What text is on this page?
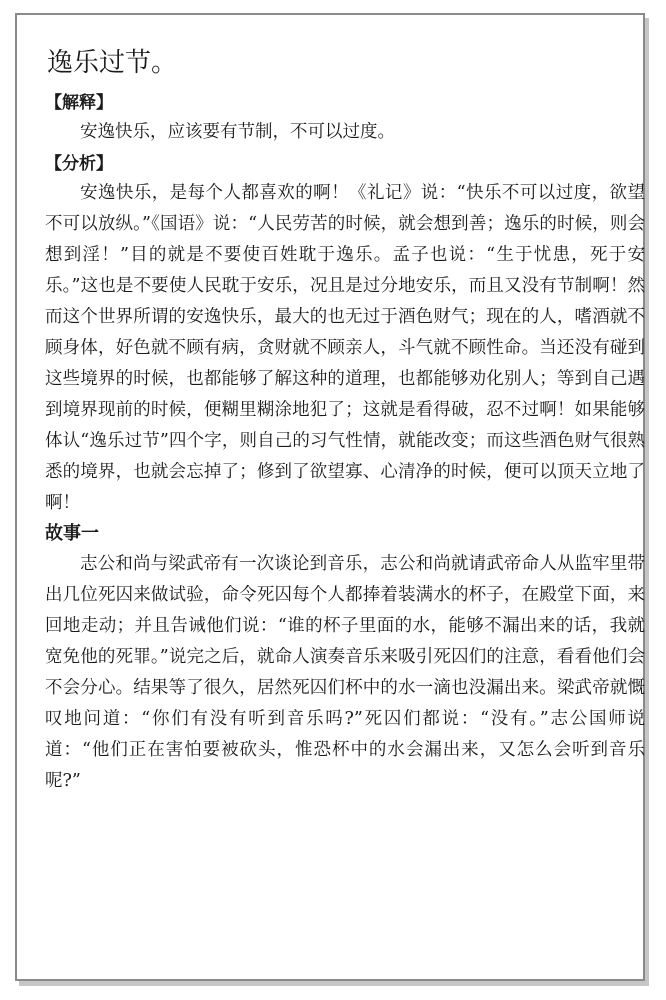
逸乐过节。

【解释】

安逸快乐，应该要有节制，不可以过度。

【分析】

安逸快乐，是每个人都喜欢的啊！《礼记》说：“快乐不可以过度，欲望不可以放纵。”《国语》说：“人民劳苦的时候，就会想到善；逸乐的时候，则会想到淫！”目的就是不要使百姓耽于逸乐。孟子也说：“生于忧患，死于安乐。”这也是不要使人民耽于安乐，况且是过分地安乐，而且又没有节制啊！然而这个世界所谓的安逸快乐，最大的也无过于酒色财气；现在的人，嗜酒就不顾身体，好色就不顾有病，贪财就不顾亲人，斗气就不顾性命。当还没有碰到这些境界的时候，也都能够了解这种的道理，也都能够劝化别人；等到自己遇到境界现前的时候，便糊里糊涂地犯了；这就是看得破，忍不过啊！如果能够体认“逸乐过节”四个字，则自己的习气性情，就能改变；而这些酒色财气很熟悉的境界，也就会忘掉了；修到了欲望寡、心清净的时候，便可以顶天立地了啊！

故事一

志公和尚与梁武帝有一次谈论到音乐，志公和尚就请武帝命人从监牢里带出几位死囚来做试验，命令死囚每个人都捧着装满水的杯子，在殿堂下面，来回地走动；并且告诫他们说：“谁的杯子里面的水，能够不漏出来的话，我就宽免他的死罪。”说完之后，就命人演奏音乐来吸引死囚们的注意，看看他们会不会分心。结果等了很久，居然死囚们杯中的水一滴也没漏出来。梁武帝就慨叹地问道：“你们有没有听到音乐吗?”死囚们都说：“没有。”志公国师说道：“他们正在害怕要被砍头，惟恐杯中的水会漏出来，又怎么会听到音乐呢?”
